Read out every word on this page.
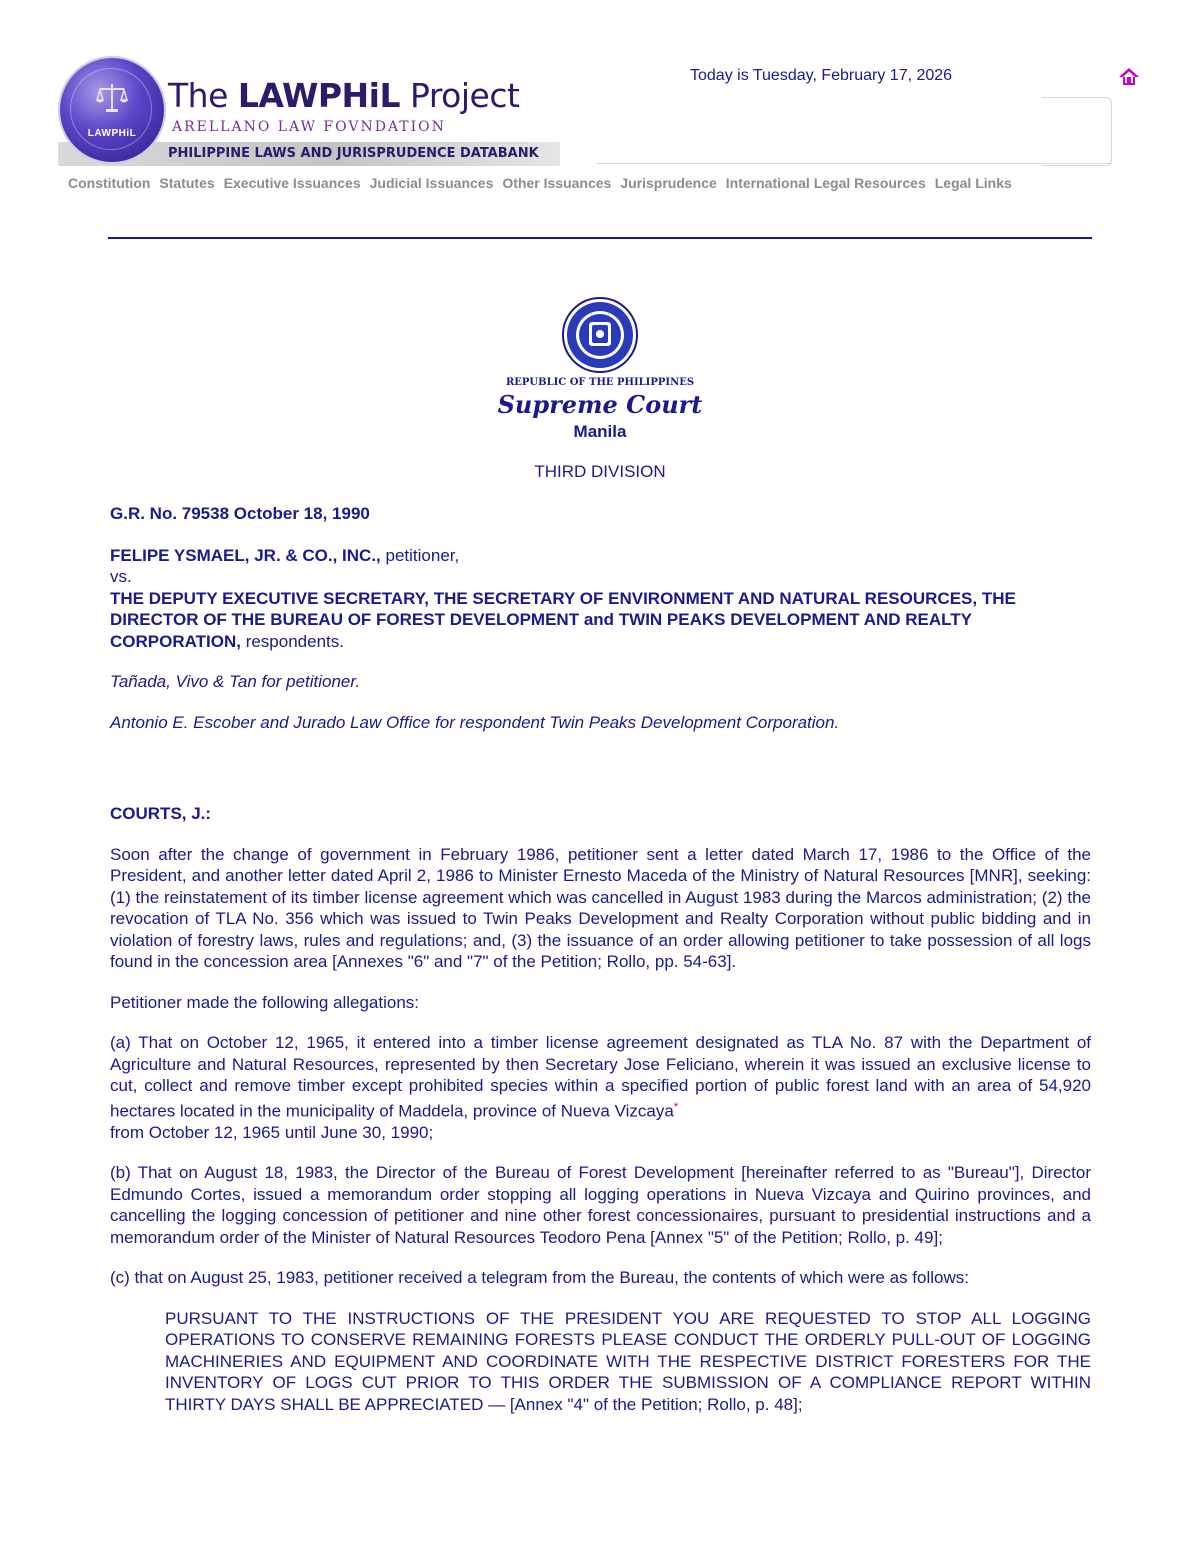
PHILIPPINE LAWS AND JURISPRUDENCE DATABANK
LAWPHiL
The LAWPHiL Project
ARELLANO LAW FOVNDATION
Today is Tuesday, February 17, 2026
Constitution Statutes Executive Issuances Judicial Issuances Other Issuances Jurisprudence International Legal Resources Legal Links
REPUBLIC OF THE PHILIPPINES
Supreme Court
Manila
THIRD DIVISION

G.R. No. 79538 October 18, 1990

FELIPE YSMAEL, JR. & CO., INC., petitioner,
vs.
THE DEPUTY EXECUTIVE SECRETARY, THE SECRETARY OF ENVIRONMENT AND NATURAL RESOURCES, THE DIRECTOR OF THE BUREAU OF FOREST DEVELOPMENT and TWIN PEAKS DEVELOPMENT AND REALTY CORPORATION, respondents.

Tañada, Vivo & Tan for petitioner.

Antonio E. Escober and Jurado Law Office for respondent Twin Peaks Development Corporation.

COURTS, J.:

Soon after the change of government in February 1986, petitioner sent a letter dated March 17, 1986 to the Office of the President, and another letter dated April 2, 1986 to Minister Ernesto Maceda of the Ministry of Natural Resources [MNR], seeking: (1) the reinstatement of its timber license agreement which was cancelled in August 1983 during the Marcos administration; (2) the revocation of TLA No. 356 which was issued to Twin Peaks Development and Realty Corporation without public bidding and in violation of forestry laws, rules and regulations; and, (3) the issuance of an order allowing petitioner to take possession of all logs found in the concession area [Annexes "6" and "7" of the Petition; Rollo, pp. 54-63].

Petitioner made the following allegations:

(a) That on October 12, 1965, it entered into a timber license agreement designated as TLA No. 87 with the Department of Agriculture and Natural Resources, represented by then Secretary Jose Feliciano, wherein it was issued an exclusive license to cut, collect and remove timber except prohibited species within a specified portion of public forest land with an area of 54,920 hectares located in the municipality of Maddela, province of Nueva Vizcaya*
from October 12, 1965 until June 30, 1990;

(b) That on August 18, 1983, the Director of the Bureau of Forest Development [hereinafter referred to as "Bureau"], Director Edmundo Cortes, issued a memorandum order stopping all logging operations in Nueva Vizcaya and Quirino provinces, and cancelling the logging concession of petitioner and nine other forest concessionaires, pursuant to presidential instructions and a memorandum order of the Minister of Natural Resources Teodoro Pena [Annex "5" of the Petition; Rollo, p. 49];

(c) that on August 25, 1983, petitioner received a telegram from the Bureau, the contents of which were as follows:

PURSUANT TO THE INSTRUCTIONS OF THE PRESIDENT YOU ARE REQUESTED TO STOP ALL LOGGING OPERATIONS TO CONSERVE REMAINING FORESTS PLEASE CONDUCT THE ORDERLY PULL-OUT OF LOGGING MACHINERIES AND EQUIPMENT AND COORDINATE WITH THE RESPECTIVE DISTRICT FORESTERS FOR THE INVENTORY OF LOGS CUT PRIOR TO THIS ORDER THE SUBMISSION OF A COMPLIANCE REPORT WITHIN THIRTY DAYS SHALL BE APPRECIATED — [Annex "4" of the Petition; Rollo, p. 48];
